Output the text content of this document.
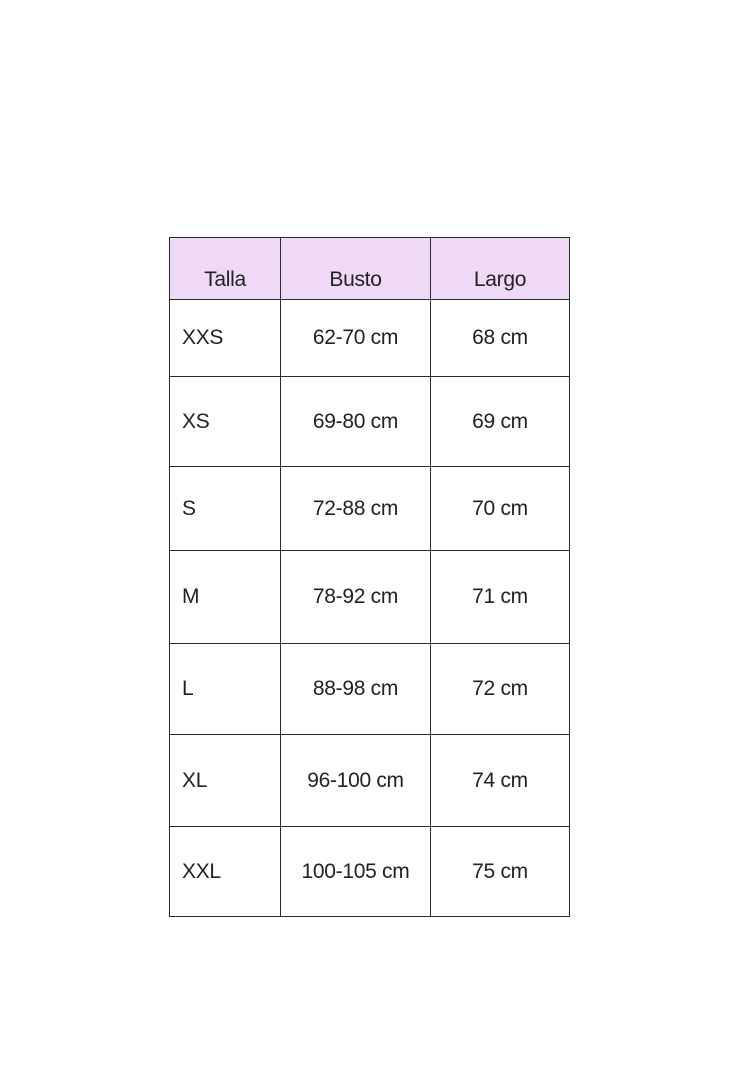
Talla	Busto	Largo
XXS	62-70 cm	68 cm
XS	69-80 cm	69 cm
S	72-88 cm	70 cm
M	78-92 cm	71 cm
L	88-98 cm	72 cm
XL	96-100 cm	74 cm
XXL	100-105 cm	75 cm
